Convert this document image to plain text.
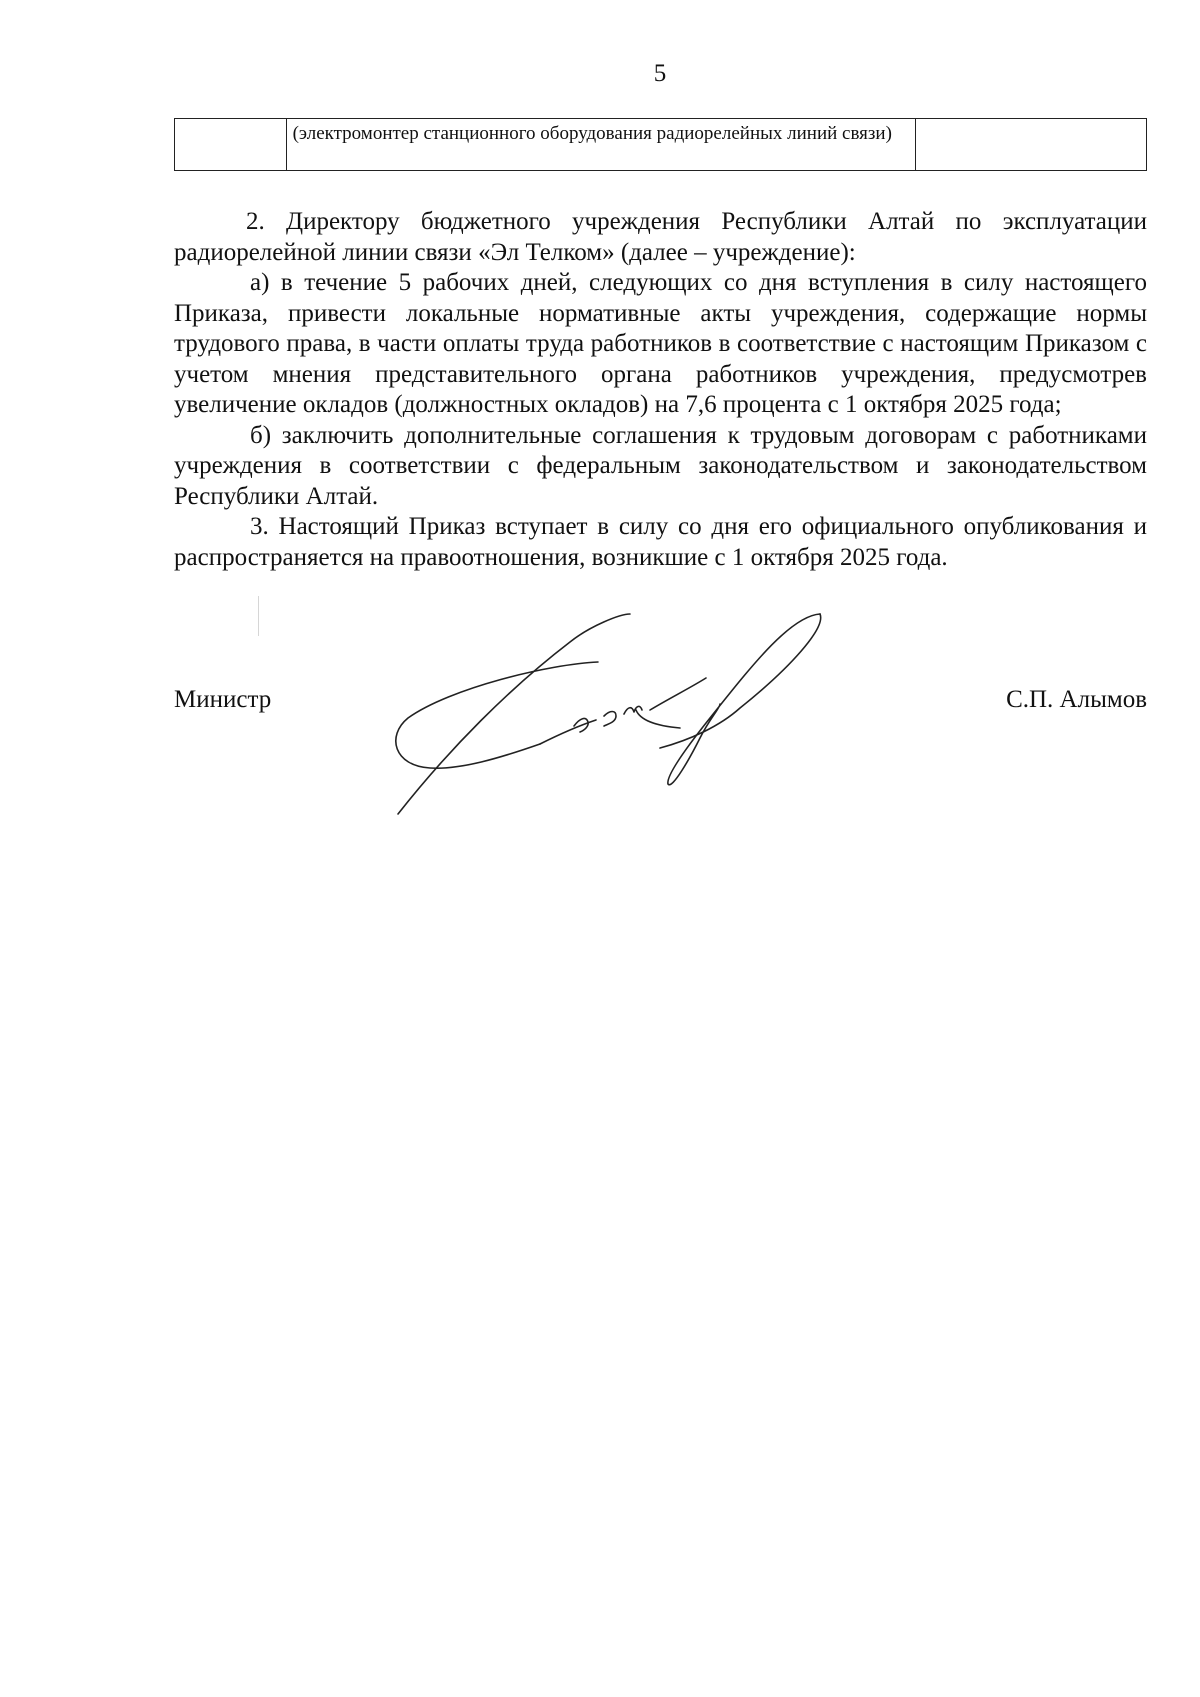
5
	(электромонтер станционного оборудования радиорелейных линий связи)	

2. Директору бюджетного учреждения Республики Алтай по эксплуатации радиорелейной линии связи «Эл Телком» (далее – учреждение):

а) в течение 5 рабочих дней, следующих со дня вступления в силу настоящего Приказа, привести локальные нормативные акты учреждения, содержащие нормы трудового права, в части оплаты труда работников в соответствие с настоящим Приказом с учетом мнения представительного органа работников учреждения, предусмотрев увеличение окладов (должностных окладов) на 7,6 процента с 1 октября 2025 года;

б) заключить дополнительные соглашения к трудовым договорам с работниками учреждения в соответствии с федеральным законодательством и законодательством Республики Алтай.

3. Настоящий Приказ вступает в силу со дня его официального опубликования и распространяется на правоотношения, возникшие с 1 октября 2025 года.

Министр	С.П. Алымов
